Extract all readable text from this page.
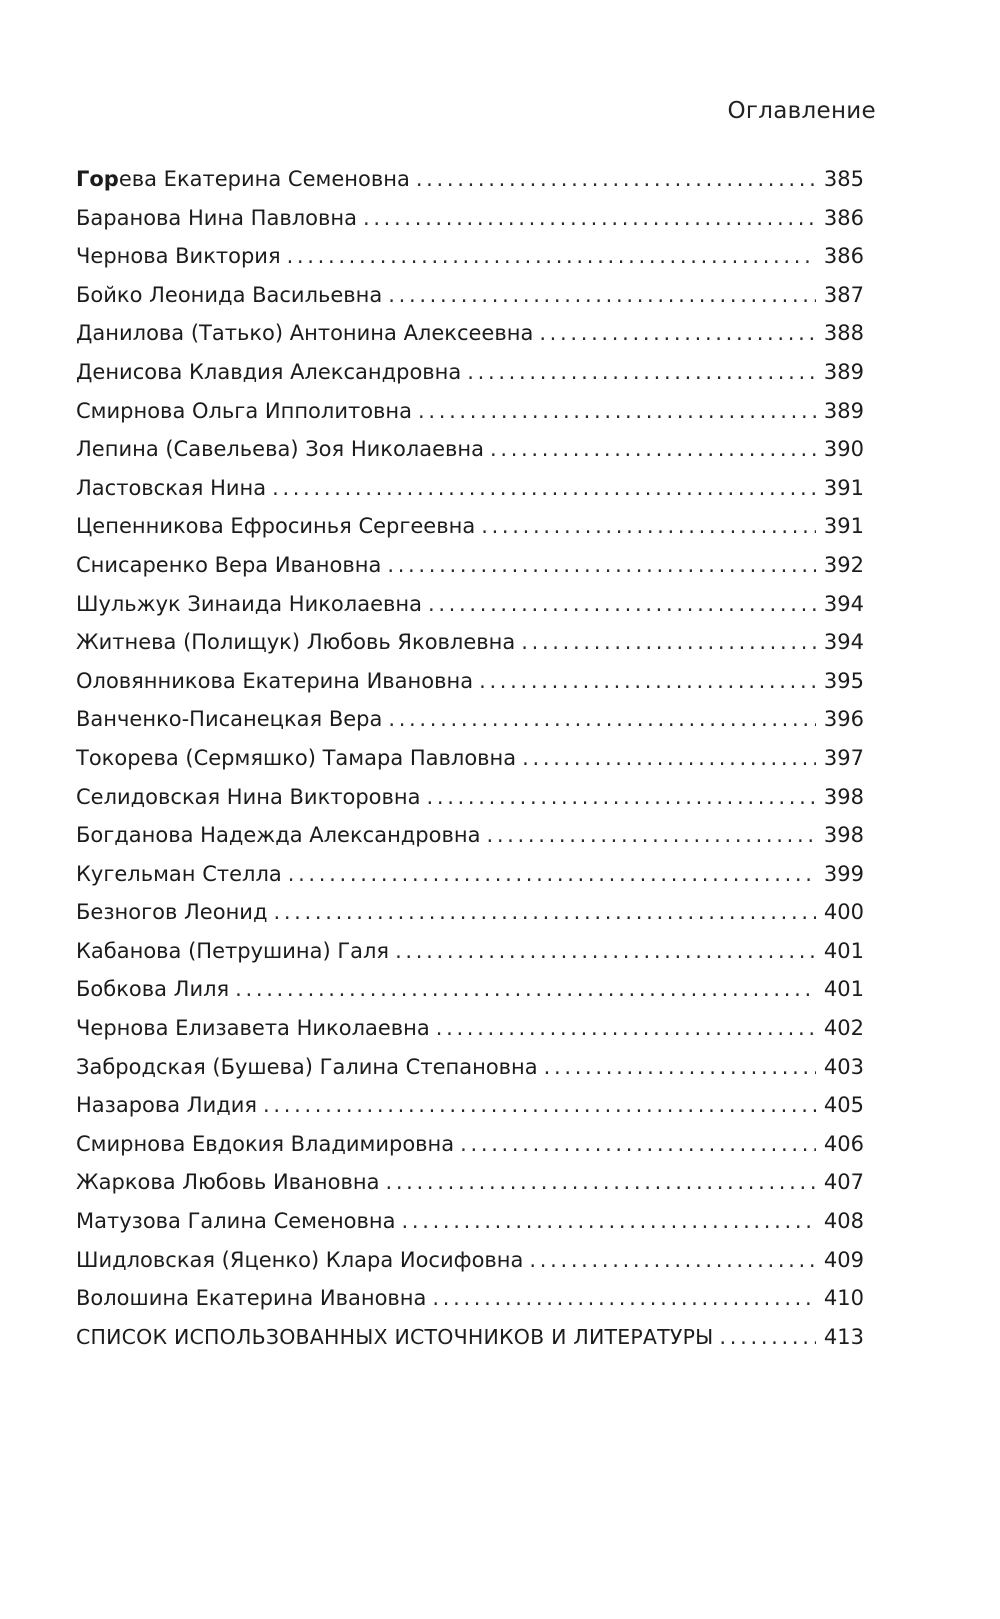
Оглавление
Горева Екатерина Семеновна . . .	385
Баранова Нина Павловна . . .	386
Чернова Виктория . . .	386
Бойко Леонида Васильевна . . .	387
Данилова (Татько) Антонина Алексеевна . . .	388
Денисова Клавдия Александровна . . .	389
Смирнова Ольга Ипполитовна . . .	389
Лепина (Савельева) Зоя Николаевна . . .	390
Ластовская Нина . . .	391
Цепенникова Ефросинья Сергеевна . . .	391
Снисаренко Вера Ивановна . . .	392
Шульжук Зинаида Николаевна . . .	394
Житнева (Полищук) Любовь Яковлевна . . .	394
Оловянникова Екатерина Ивановна . . .	395
Ванченко-Писанецкая Вера . . .	396
Токорева (Сермяшко) Тамара Павловна . . .	397
Селидовская Нина Викторовна . . .	398
Богданова Надежда Александровна . . .	398
Кугельман Стелла . . .	399
Безногов Леонид . . .	400
Кабанова (Петрушина) Галя . . .	401
Бобкова Лиля . . .	401
Чернова Елизавета Николаевна . . .	402
Забродская (Бушева) Галина Степановна . . .	403
Назарова Лидия . . .	405
Смирнова Евдокия Владимировна . . .	406
Жаркова Любовь Ивановна . . .	407
Матузова Галина Семеновна . . .	408
Шидловская (Яценко) Клара Иосифовна . . .	409
Волошина Екатерина Ивановна . . .	410
СПИСОК ИСПОЛЬЗОВАННЫХ ИСТОЧНИКОВ И ЛИТЕРАТУРЫ . . .	413
